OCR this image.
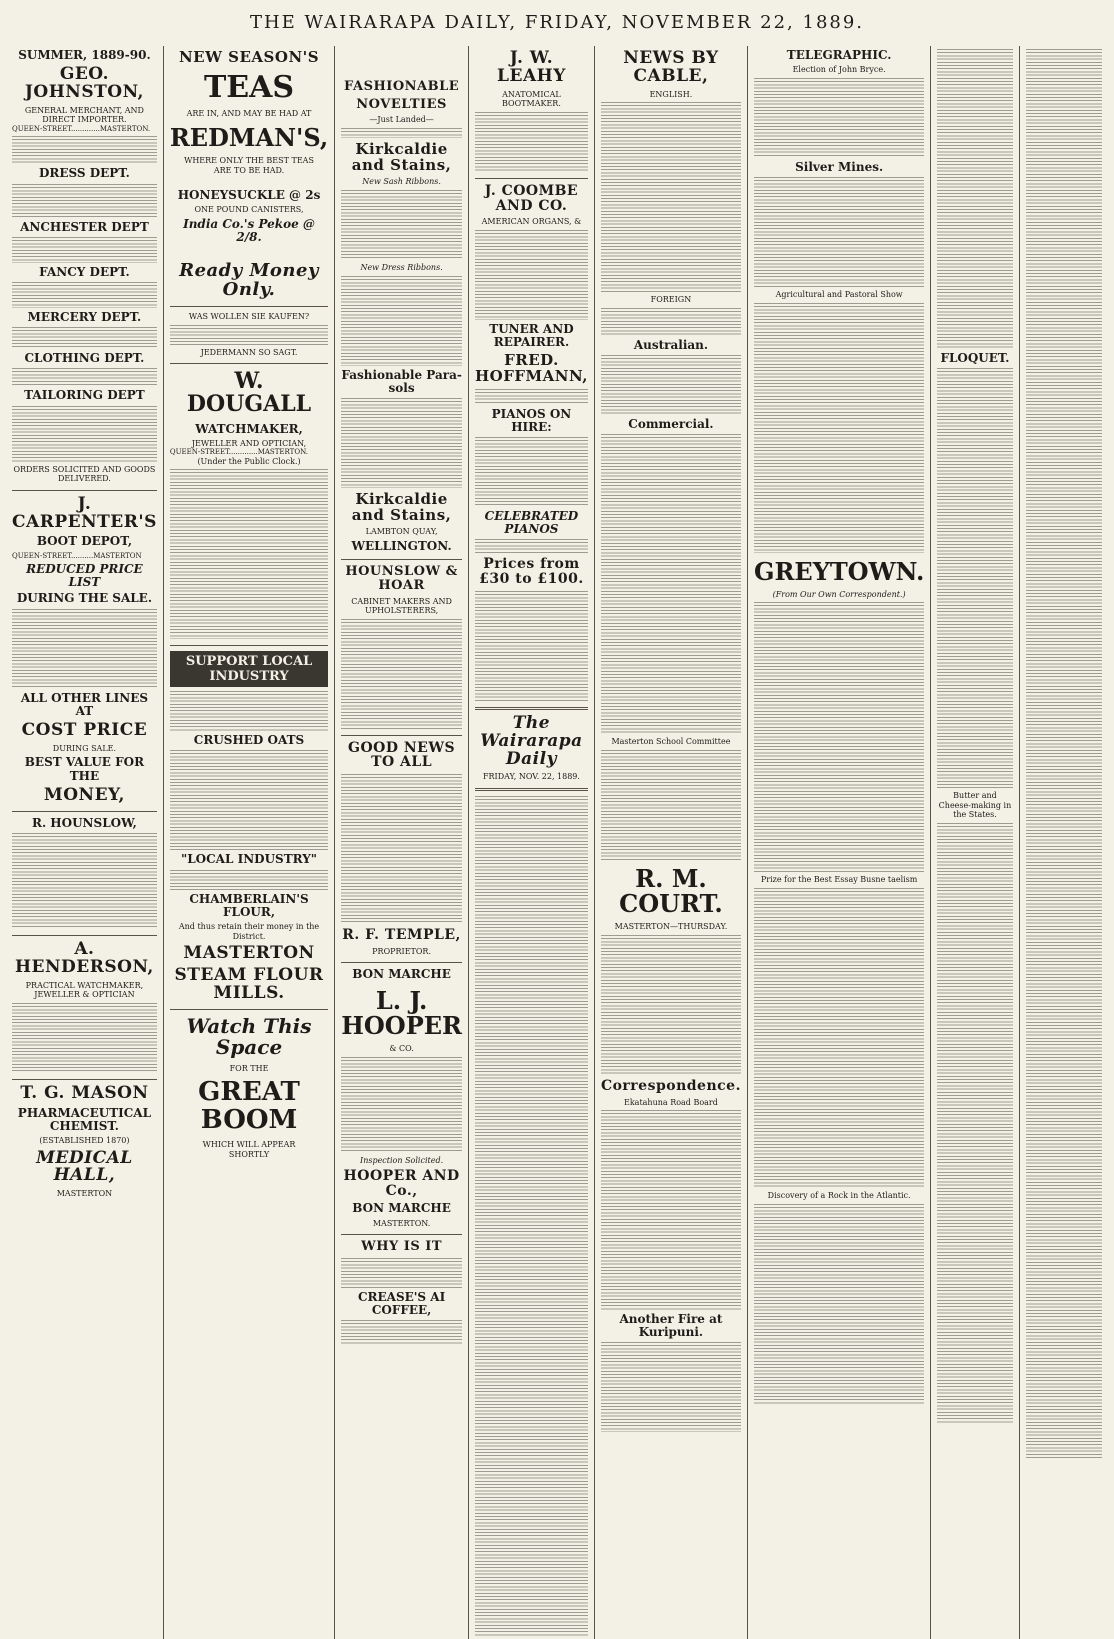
THE WAIRARAPA DAILY, FRIDAY, NOVEMBER 22, 1889.
SUMMER, 1889-90.
GEO. JOHNSTON,
GENERAL MERCHANT, AND DIRECT IMPORTER.
QUEEN-STREET.............MASTERTON.
DRESS DEPT.
ANCHESTER DEPT
FANCY DEPT.
MERCERY DEPT.
CLOTHING DEPT.
TAILORING DEPT
ORDERS SOLICITED AND GOODS DELIVERED.
J. CARPENTER'S
BOOT DEPOT,
QUEEN-STREET..........MASTERTON
REDUCED PRICE LIST
DURING THE SALE.
ALL OTHER LINES AT
COST PRICE
DURING SALE.
BEST VALUE FOR THE
MONEY,
R. HOUNSLOW,
A. HENDERSON,
PRACTICAL WATCHMAKER, JEWELLER & OPTICIAN
T. G. MASON
PHARMACEUTICAL CHEMIST.
(ESTABLISHED 1870)
MEDICAL HALL,
MASTERTON
NEW SEASON'S
TEAS
ARE IN, AND MAY BE HAD AT
REDMAN'S,
WHERE ONLY THE BEST TEAS
ARE TO BE HAD.
HONEYSUCKLE @ 2s
ONE POUND CANISTERS,
India Co.'s Pekoe @ 2/8.
Ready Money Only.
WAS WOLLEN SIE KAUFEN?
JEDERMANN SO SAGT.
W. DOUGALL
WATCHMAKER,
JEWELLER AND OPTICIAN,
QUEEN-STREET.............MASTERTON.
(Under the Public Clock.)
SUPPORT LOCAL INDUSTRY
CRUSHED OATS
"LOCAL INDUSTRY"
CHAMBERLAIN'S FLOUR,
And thus retain their money in the District.
MASTERTON
STEAM FLOUR MILLS.
Watch This Space
FOR THE
GREAT BOOM
WHICH WILL APPEAR
SHORTLY
FASHIONABLE
NOVELTIES
—Just Landed—
Kirkcaldie and Stains,
New Sash Ribbons.
New Dress Ribbons.
Fashionable Para-sols
Kirkcaldie and Stains,
LAMBTON QUAY,
WELLINGTON.
HOUNSLOW & HOAR
CABINET MAKERS AND UPHOLSTERERS,
GOOD NEWS TO ALL
R. F. TEMPLE,
PROPRIETOR.
BON MARCHE
L. J. HOOPER
& CO.
Inspection Solicited.
HOOPER AND Co.,
BON MARCHE
MASTERTON.
WHY IS IT
CREASE'S AI COFFEE,
J. W. LEAHY
ANATOMICAL BOOTMAKER.
J. COOMBE AND CO.
AMERICAN ORGANS, &
TUNER AND REPAIRER.
FRED. HOFFMANN,
PIANOS ON HIRE:
CELEBRATED PIANOS
Prices from £30 to £100.
The Wairarapa Daily
FRIDAY, NOV. 22, 1889.
NEWS BY CABLE,
ENGLISH.
FOREIGN
Australian.
Commercial.
Masterton School Committee
R. M. COURT.
MASTERTON—THURSDAY.
Correspondence.
Ekatahuna Road Board
Another Fire at Kuripuni.
TELEGRAPHIC.
Election of John Bryce.
Silver Mines.
Agricultural and Pastoral Show
GREYTOWN.
(From Our Own Correspondent.)
Prize for the Best Essay Busne taelism
Discovery of a Rock in the Atlantic.
FLOQUET.
Butter and Cheese-making in the States.
